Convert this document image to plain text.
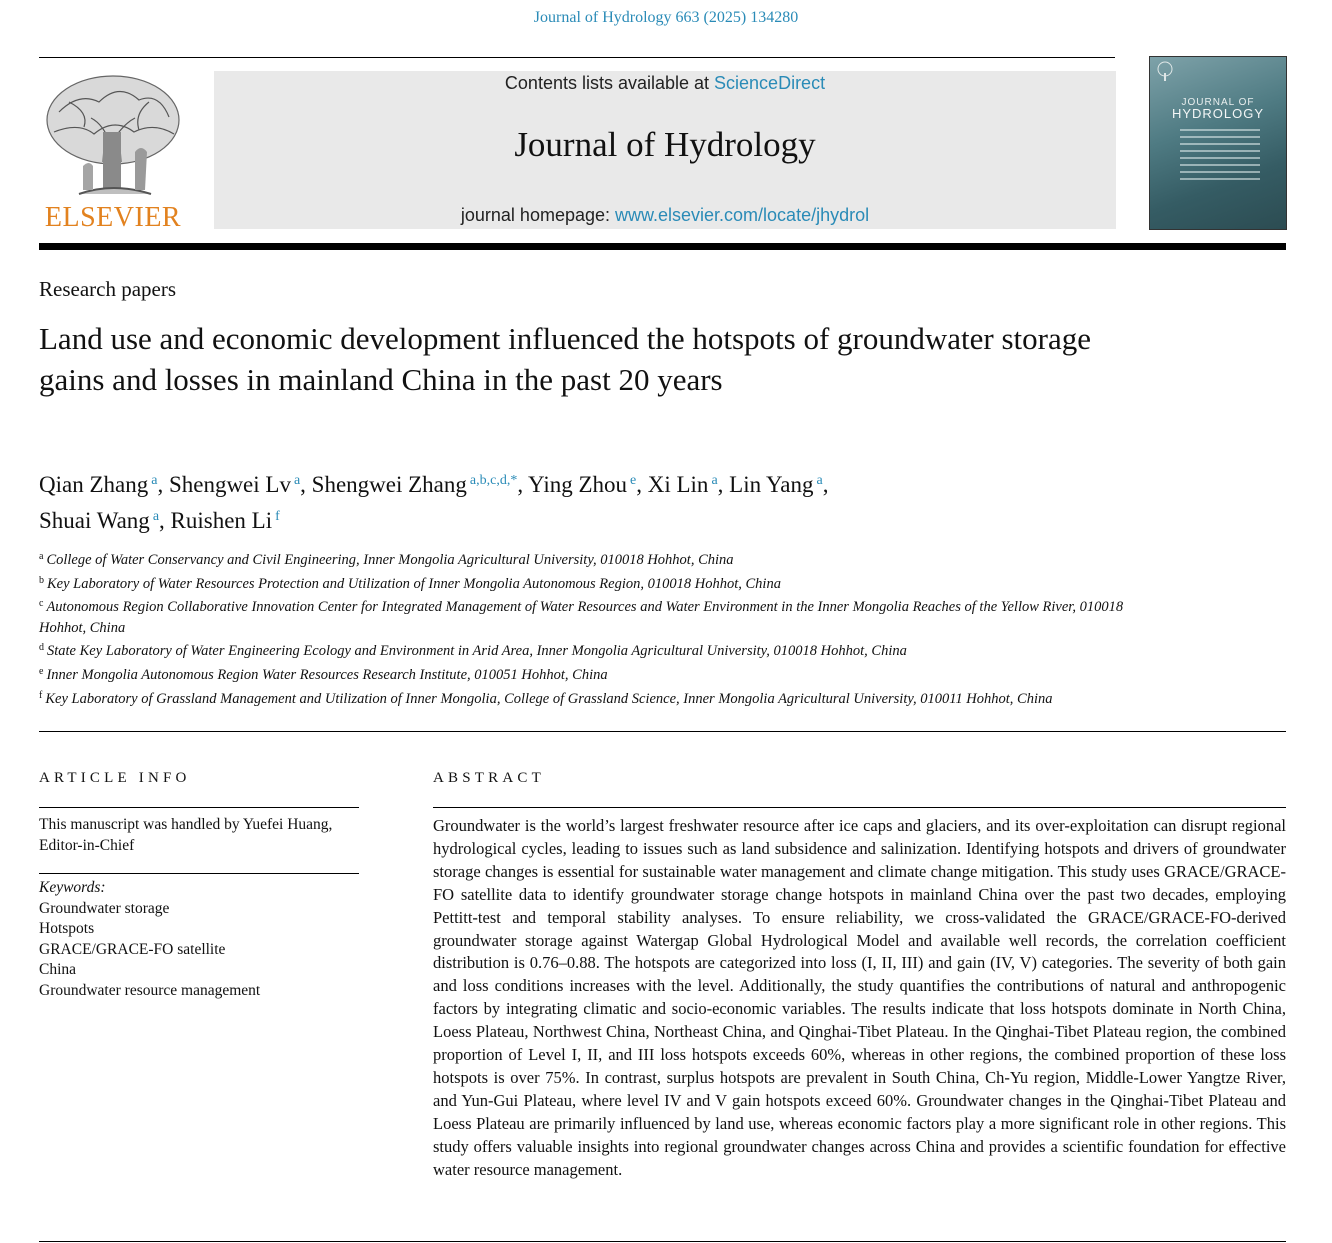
Journal of Hydrology 663 (2025) 134280
ELSEVIER
Contents lists available at ScienceDirect
Journal of Hydrology
journal homepage: www.elsevier.com/locate/jhydrol
JOURNAL OF
HYDROLOGY
Research papers
Land use and economic development influenced the hotspots of groundwater storage gains and losses in mainland China in the past 20 years
Qian Zhang $^a$, Shengwei Lv $^a$, Shengwei Zhang $^{a,b,c,d,*}$, Ying Zhou $^e$, Xi Lin $^a$, Lin Yang $^a$,
Shuai Wang $^a$, Ruishen Li $^f$

$^a$ College of Water Conservancy and Civil Engineering, Inner Mongolia Agricultural University, 010018 Hohhot, China

$^b$ Key Laboratory of Water Resources Protection and Utilization of Inner Mongolia Autonomous Region, 010018 Hohhot, China

$^c$ Autonomous Region Collaborative Innovation Center for Integrated Management of Water Resources and Water Environment in the Inner Mongolia Reaches of the Yellow River, 010018 Hohhot, China

$^d$ State Key Laboratory of Water Engineering Ecology and Environment in Arid Area, Inner Mongolia Agricultural University, 010018 Hohhot, China

$^e$ Inner Mongolia Autonomous Region Water Resources Research Institute, 010051 Hohhot, China

$^f$ Key Laboratory of Grassland Management and Utilization of Inner Mongolia, College of Grassland Science, Inner Mongolia Agricultural University, 010011 Hohhot, China

ARTICLE INFO
This manuscript was handled by Yuefei Huang, Editor-in-Chief
Keywords:
Groundwater storage
Hotspots
GRACE/GRACE-FO satellite
China
Groundwater resource management
ABSTRACT

Groundwater is the world’s largest freshwater resource after ice caps and glaciers, and its over-exploitation can disrupt regional hydrological cycles, leading to issues such as land subsidence and salinization. Identifying hotspots and drivers of groundwater storage changes is essential for sustainable water management and climate change mitigation. This study uses GRACE/GRACE-FO satellite data to identify groundwater storage change hotspots in mainland China over the past two decades, employing Pettitt-test and temporal stability analyses. To ensure reliability, we cross-validated the GRACE/GRACE-FO-derived groundwater storage against Watergap Global Hydrological Model and available well records, the correlation coefficient distribution is 0.76–0.88. The hotspots are categorized into loss (I, II, III) and gain (IV, V) categories. The severity of both gain and loss conditions increases with the level. Additionally, the study quantifies the contributions of natural and anthropogenic factors by integrating climatic and socio-economic variables. The results indicate that loss hotspots dominate in North China, Loess Plateau, Northwest China, Northeast China, and Qinghai-Tibet Plateau. In the Qinghai-Tibet Plateau region, the combined proportion of Level I, II, and III loss hotspots exceeds 60%, whereas in other regions, the combined proportion of these loss hotspots is over 75%. In contrast, surplus hotspots are prevalent in South China, Ch-Yu region, Middle-Lower Yangtze River, and Yun-Gui Plateau, where level IV and V gain hotspots exceed 60%. Groundwater changes in the Qinghai-Tibet Plateau and Loess Plateau are primarily influenced by land use, whereas economic factors play a more significant role in other regions. This study offers valuable insights into regional groundwater changes across China and provides a scientific foundation for effective water resource management.
